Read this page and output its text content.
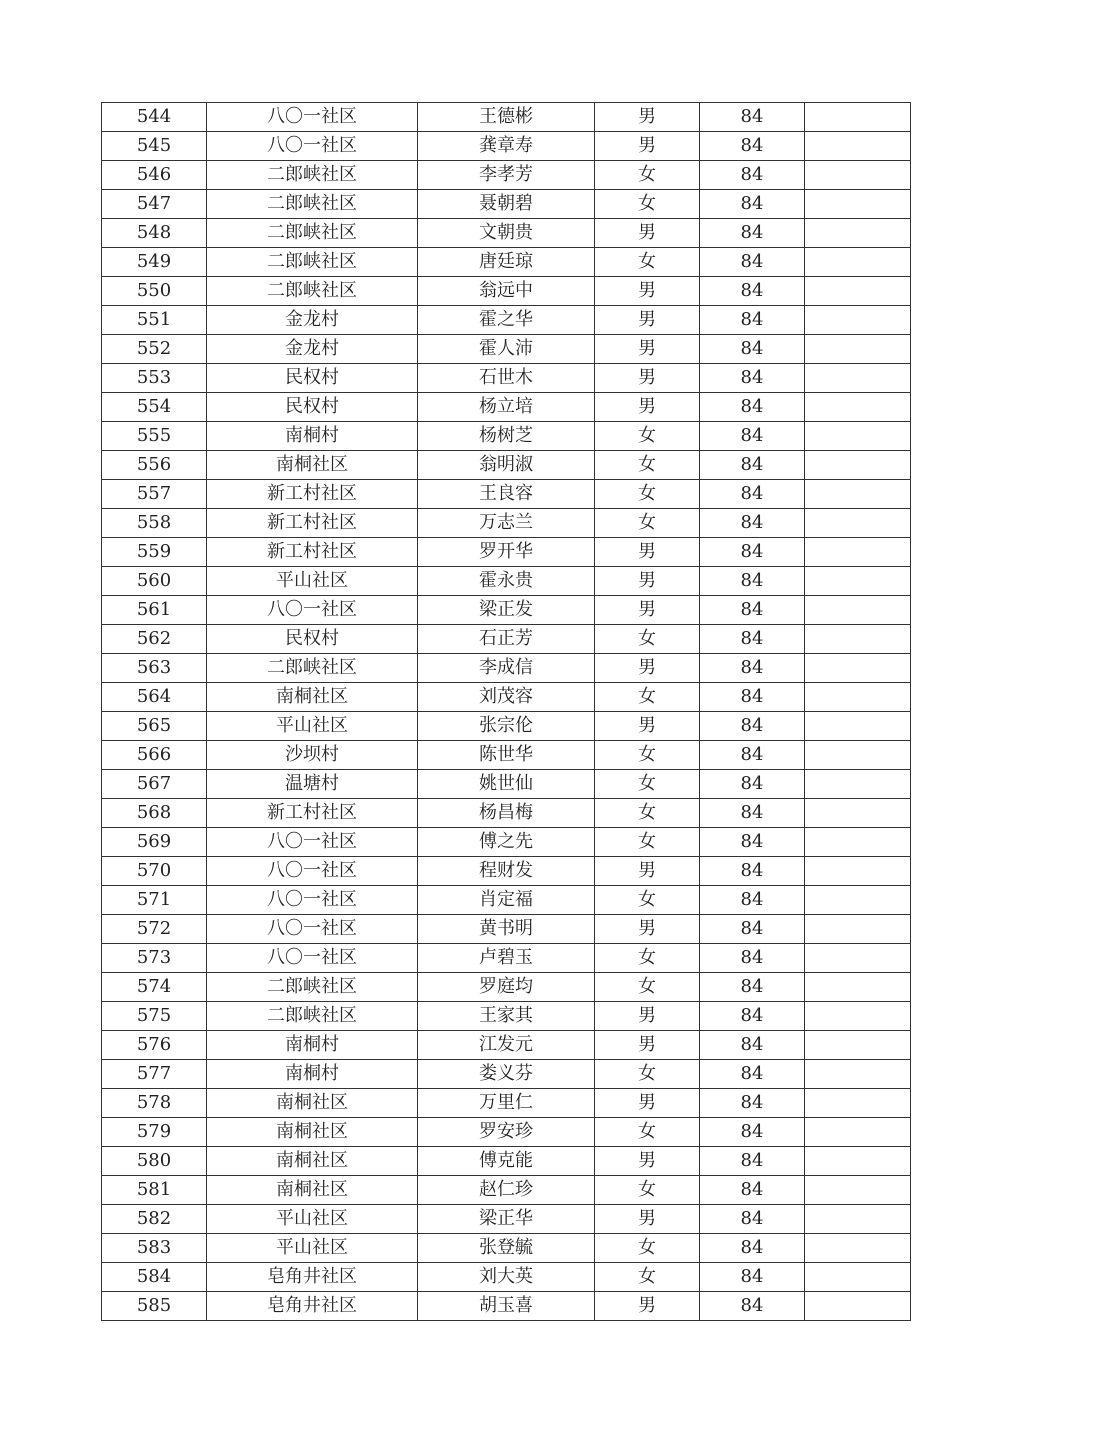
544	八〇一社区	王德彬	男	84	
545	八〇一社区	龚章寿	男	84	
546	二郎峡社区	李孝芳	女	84	
547	二郎峡社区	聂朝碧	女	84	
548	二郎峡社区	文朝贵	男	84	
549	二郎峡社区	唐廷琼	女	84	
550	二郎峡社区	翁远中	男	84	
551	金龙村	霍之华	男	84	
552	金龙村	霍人沛	男	84	
553	民权村	石世木	男	84	
554	民权村	杨立培	男	84	
555	南桐村	杨树芝	女	84	
556	南桐社区	翁明淑	女	84	
557	新工村社区	王良容	女	84	
558	新工村社区	万志兰	女	84	
559	新工村社区	罗开华	男	84	
560	平山社区	霍永贵	男	84	
561	八〇一社区	梁正发	男	84	
562	民权村	石正芳	女	84	
563	二郎峡社区	李成信	男	84	
564	南桐社区	刘茂容	女	84	
565	平山社区	张宗伦	男	84	
566	沙坝村	陈世华	女	84	
567	温塘村	姚世仙	女	84	
568	新工村社区	杨昌梅	女	84	
569	八〇一社区	傅之先	女	84	
570	八〇一社区	程财发	男	84	
571	八〇一社区	肖定福	女	84	
572	八〇一社区	黄书明	男	84	
573	八〇一社区	卢碧玉	女	84	
574	二郎峡社区	罗庭均	女	84	
575	二郎峡社区	王家其	男	84	
576	南桐村	江发元	男	84	
577	南桐村	娄义芬	女	84	
578	南桐社区	万里仁	男	84	
579	南桐社区	罗安珍	女	84	
580	南桐社区	傅克能	男	84	
581	南桐社区	赵仁珍	女	84	
582	平山社区	梁正华	男	84	
583	平山社区	张登毓	女	84	
584	皂角井社区	刘大英	女	84	
585	皂角井社区	胡玉喜	男	84	
